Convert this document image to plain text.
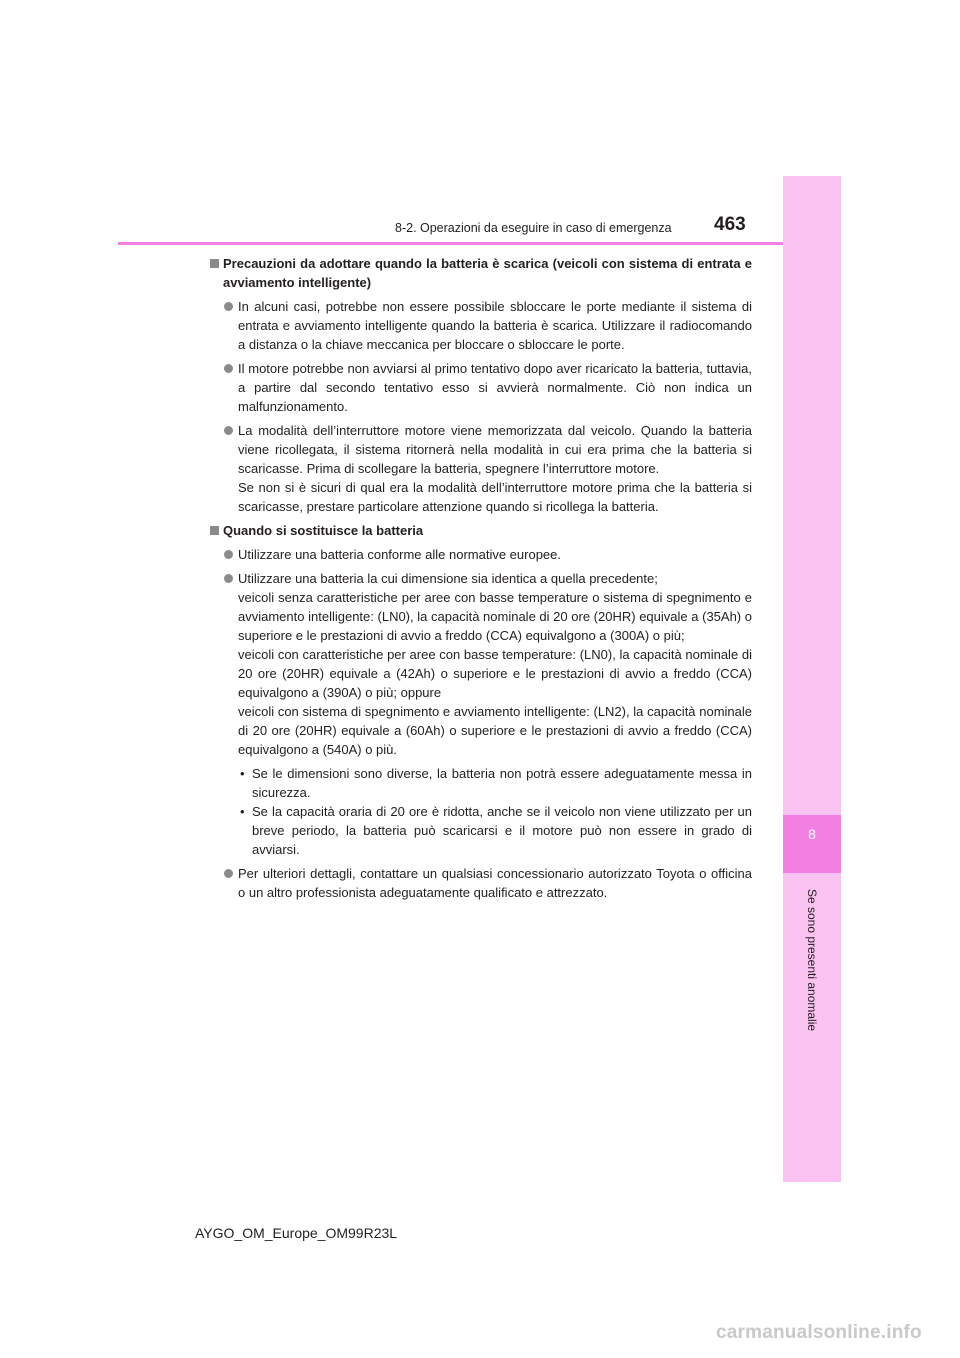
8
Se sono presenti anomalie
8-2. Operazioni da eseguire in caso di emergenza 463
Precauzioni da adottare quando la batteria è scarica (veicoli con sistema di entrata e avviamento intelligente)

In alcuni casi, potrebbe non essere possibile sbloccare le porte mediante il sistema di entrata e avviamento intelligente quando la batteria è scarica. Utilizzare il radiocomando a distanza o la chiave meccanica per bloccare o sbloccare le porte.

Il motore potrebbe non avviarsi al primo tentativo dopo aver ricaricato la batteria, tuttavia, a partire dal secondo tentativo esso si avvierà normalmente. Ciò non indica un malfunzionamento.

La modalità dell’interruttore motore viene memorizzata dal veicolo. Quando la batteria viene ricollegata, il sistema ritornerà nella modalità in cui era prima che la batteria si scaricasse. Prima di scollegare la batteria, spegnere l’interruttore motore.

Se non si è sicuri di qual era la modalità dell’interruttore motore prima che la batteria si scaricasse, prestare particolare attenzione quando si ricollega la batteria.

Quando si sostituisce la batteria

Utilizzare una batteria conforme alle normative europee.

Utilizzare una batteria la cui dimensione sia identica a quella precedente;

veicoli senza caratteristiche per aree con basse temperature o sistema di spegnimento e avviamento intelligente: (LN0), la capacità nominale di 20 ore (20HR) equivale a (35Ah) o superiore e le prestazioni di avvio a freddo (CCA) equivalgono a (300A) o più;

veicoli con caratteristiche per aree con basse temperature: (LN0), la capacità nominale di 20 ore (20HR) equivale a (42Ah) o superiore e le prestazioni di avvio a freddo (CCA) equivalgono a (390A) o più; oppure

veicoli con sistema di spegnimento e avviamento intelligente: (LN2), la capacità nominale di 20 ore (20HR) equivale a (60Ah) o superiore e le prestazioni di avvio a freddo (CCA) equivalgono a (540A) o più.

• Se le dimensioni sono diverse, la batteria non potrà essere adeguatamente messa in sicurezza.
• Se la capacità oraria di 20 ore è ridotta, anche se il veicolo non viene utilizzato per un breve periodo, la batteria può scaricarsi e il motore può non essere in grado di avviarsi.

Per ulteriori dettagli, contattare un qualsiasi concessionario autorizzato Toyota o officina o un altro professionista adeguatamente qualificato e attrezzato.

AYGO_OM_Europe_OM99R23L
carmanualsonline.info
